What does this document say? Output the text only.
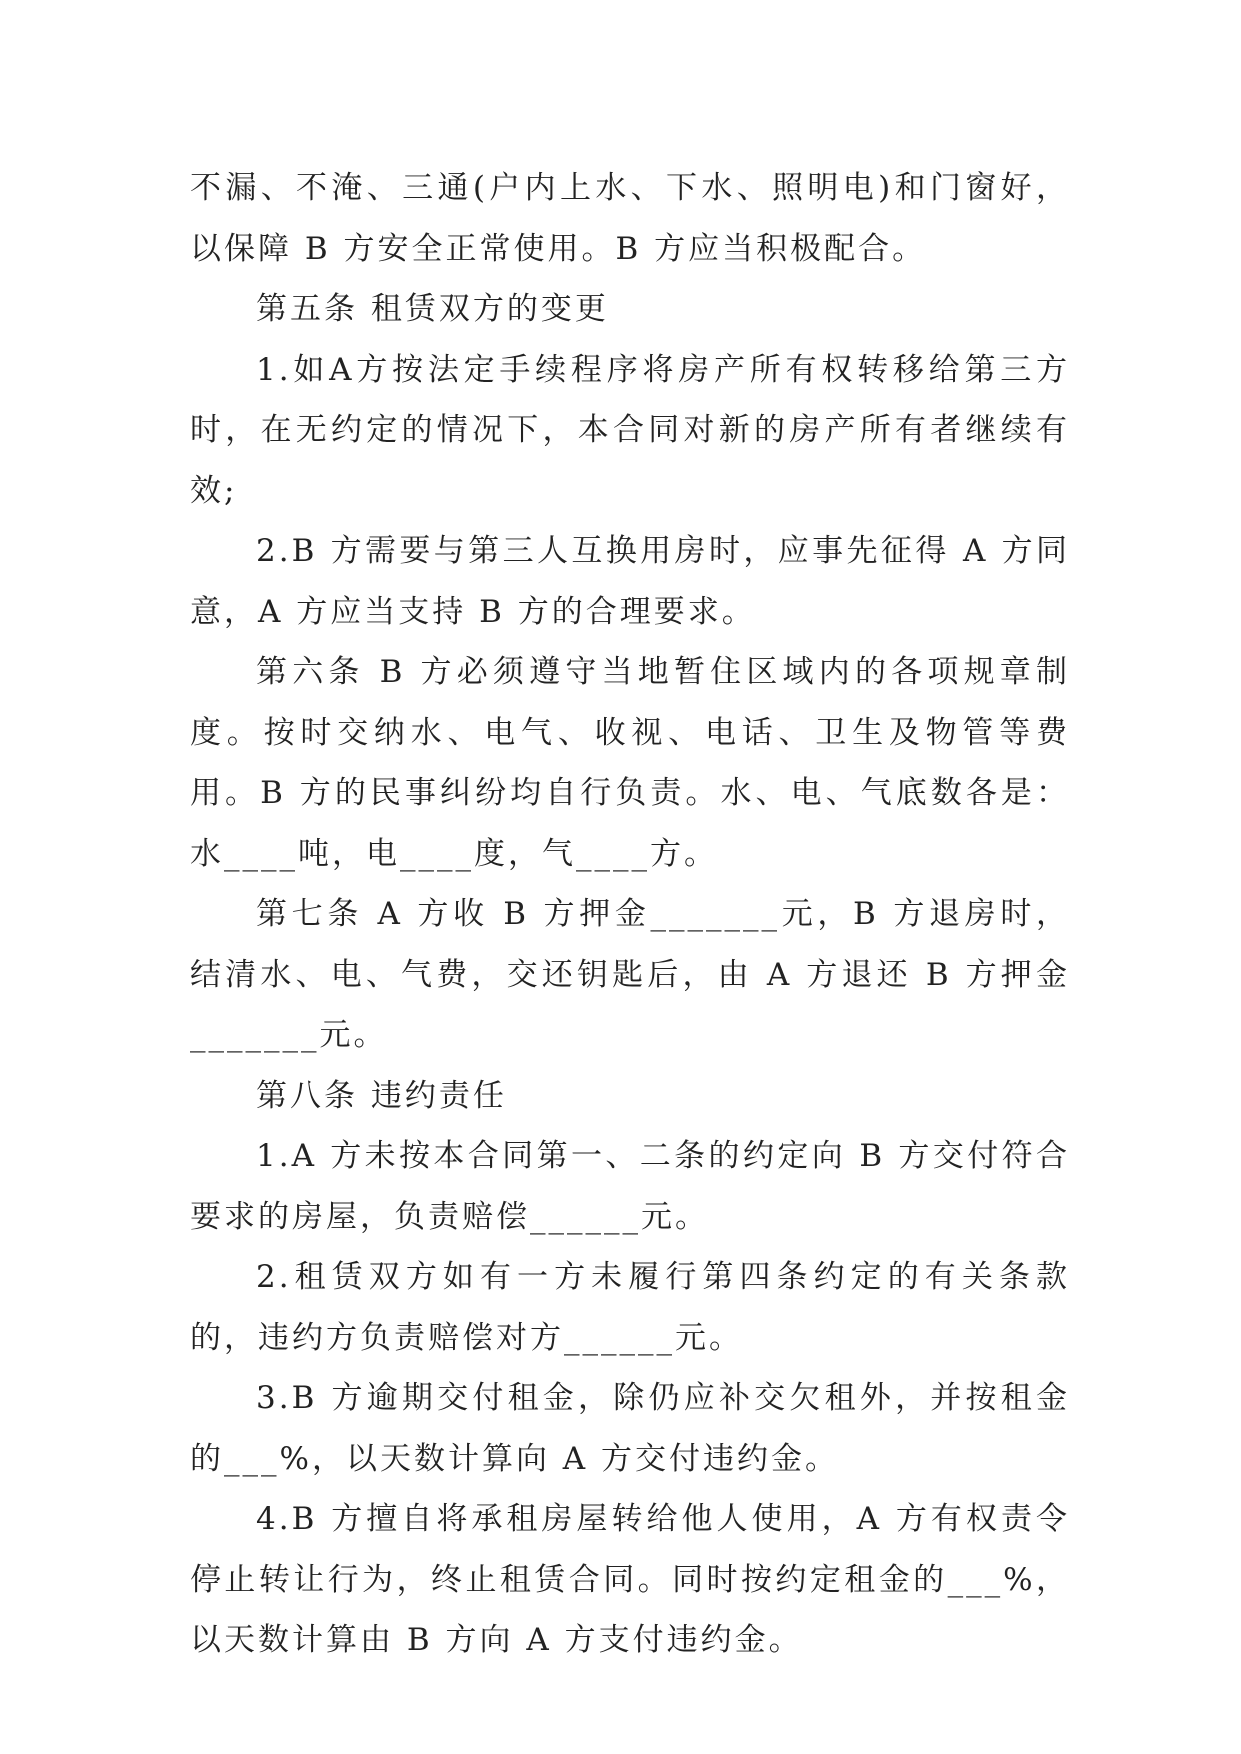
不漏、不淹、三通(户内上水、下水、照明电)和门窗好，以保障 B 方安全正常使用。B 方应当积极配合。

第五条 租赁双方的变更

1.如A方按法定手续程序将房产所有权转移给第三方时，在无约定的情况下，本合同对新的房产所有者继续有效;

2.B 方需要与第三人互换用房时，应事先征得 A 方同意，A 方应当支持 B 方的合理要求。

第六条 B 方必须遵守当地暂住区域内的各项规章制度。按时交纳水、电气、收视、电话、卫生及物管等费用。B 方的民事纠纷均自行负责。水、电、气底数各是：水____吨，电____度，气____方。

第七条 A 方收 B 方押金_______元，B 方退房时，结清水、电、气费，交还钥匙后，由 A 方退还 B 方押金_______元。

第八条 违约责任

1.A 方未按本合同第一、二条的约定向 B 方交付符合要求的房屋，负责赔偿______元。

2.租赁双方如有一方未履行第四条约定的有关条款的，违约方负责赔偿对方______元。

3.B 方逾期交付租金，除仍应补交欠租外，并按租金的___%，以天数计算向 A 方交付违约金。

4.B 方擅自将承租房屋转给他人使用，A 方有权责令停止转让行为，终止租赁合同。同时按约定租金的___%，以天数计算由 B 方向 A 方支付违约金。
